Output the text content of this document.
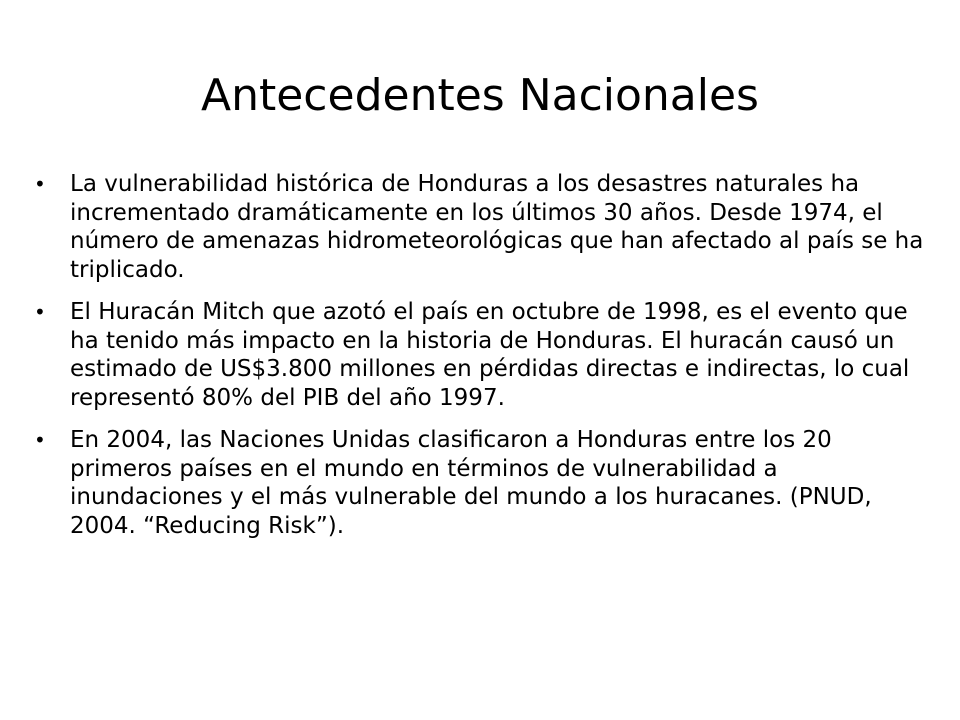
Antecedentes Nacionales
•	La vulnerabilidad histórica de Honduras a los desastres naturales ha incrementado dramáticamente en los últimos 30 años. Desde 1974, el número de amenazas hidrometeorológicas que han afectado al país se ha triplicado.
•	El Huracán Mitch que azotó el país en octubre de 1998, es el evento que ha tenido más impacto en la historia de Honduras. El huracán causó un estimado de US$3.800 millones en pérdidas directas e indirectas, lo cual representó 80% del PIB del año 1997.
•	En 2004, las Naciones Unidas clasificaron a Honduras entre los 20 primeros países en el mundo en términos de vulnerabilidad a inundaciones y el más vulnerable del mundo a los huracanes. (PNUD, 2004. “Reducing Risk”).
